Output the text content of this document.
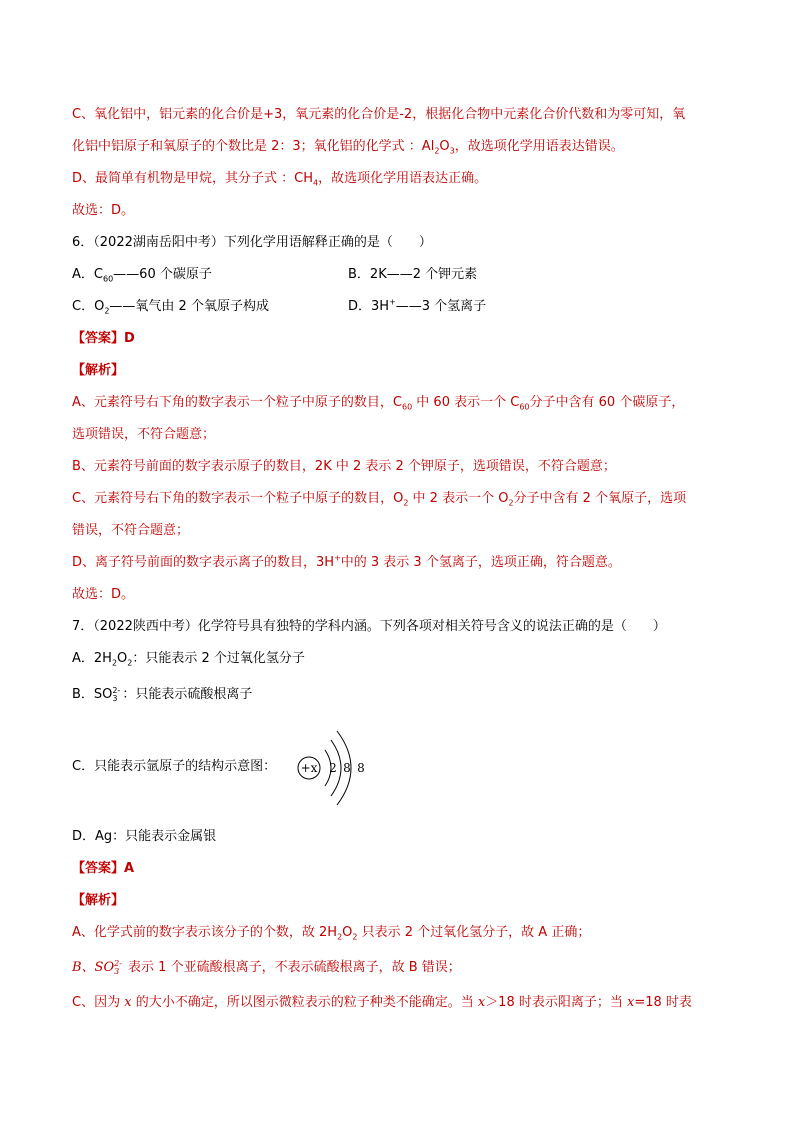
C、氧化铝中，铝元素的化合价是+3，氧元素的化合价是-2，根据化合物中元素化合价代数和为零可知，氧
化铝中铝原子和氧原子的个数比是 2：3；氧化铝的化学式 ：$Al_2O_3$，故选项化学用语表达错误。
D、最简单有机物是甲烷，其分子式 ：$CH_4$，故选项化学用语表达正确。
故选：D。
6．（2022湖南岳阳中考）下列化学用语解释正确的是（　　）
A．$C_{60}——60$ 个碳原子	B．2K——2 个钾元素
C．$O_2——$氧气由 2 个氧原子构成	D．3H+——3 个氢离子
【答案】D
【解析】
A、元素符号右下角的数字表示一个粒子中原子的数目，$C_{60}$ 中 60 表示一个 $C_{60}$分子中含有 60 个碳原子，
选项错误，不符合题意；
B、元素符号前面的数字表示原子的数目，2K 中 2 表示 2 个钾原子，选项错误，不符合题意；
C、元素符号右下角的数字表示一个粒子中原子的数目，$O_2$ 中 2 表示一个 $O_2$分子中含有 2 个氧原子，选项
错误，不符合题意；
D、离子符号前面的数字表示离子的数目，3H+中的 3 表示 3 个氢离子，选项正确，符合题意。
故选：D。
7．（2022陕西中考）化学符号具有独特的学科内涵。下列各项对相关符号含义的说法正确的是（　　）
A．$2H_2O_2$：只能表示 2 个过氧化氢分子
B．SO 2-
3 ：只能表示硫酸根离子
C．只能表示氩原子的结构示意图： +x 2 8 8
D．Ag：只能表示金属银
【答案】A
【解析】
A、化学式前的数字表示该分子的个数，故 $2H_2O_2$ 只表示 2 个过氧化氢分子，故 A 正确；
B、SO 2-
3 表示 1 个亚硫酸根离子，不表示硫酸根离子，故 B 错误；
C、因为 x 的大小不确定，所以图示微粒表示的粒子种类不能确定。当 x＞18 时表示阳离子；当 x=18 时表
